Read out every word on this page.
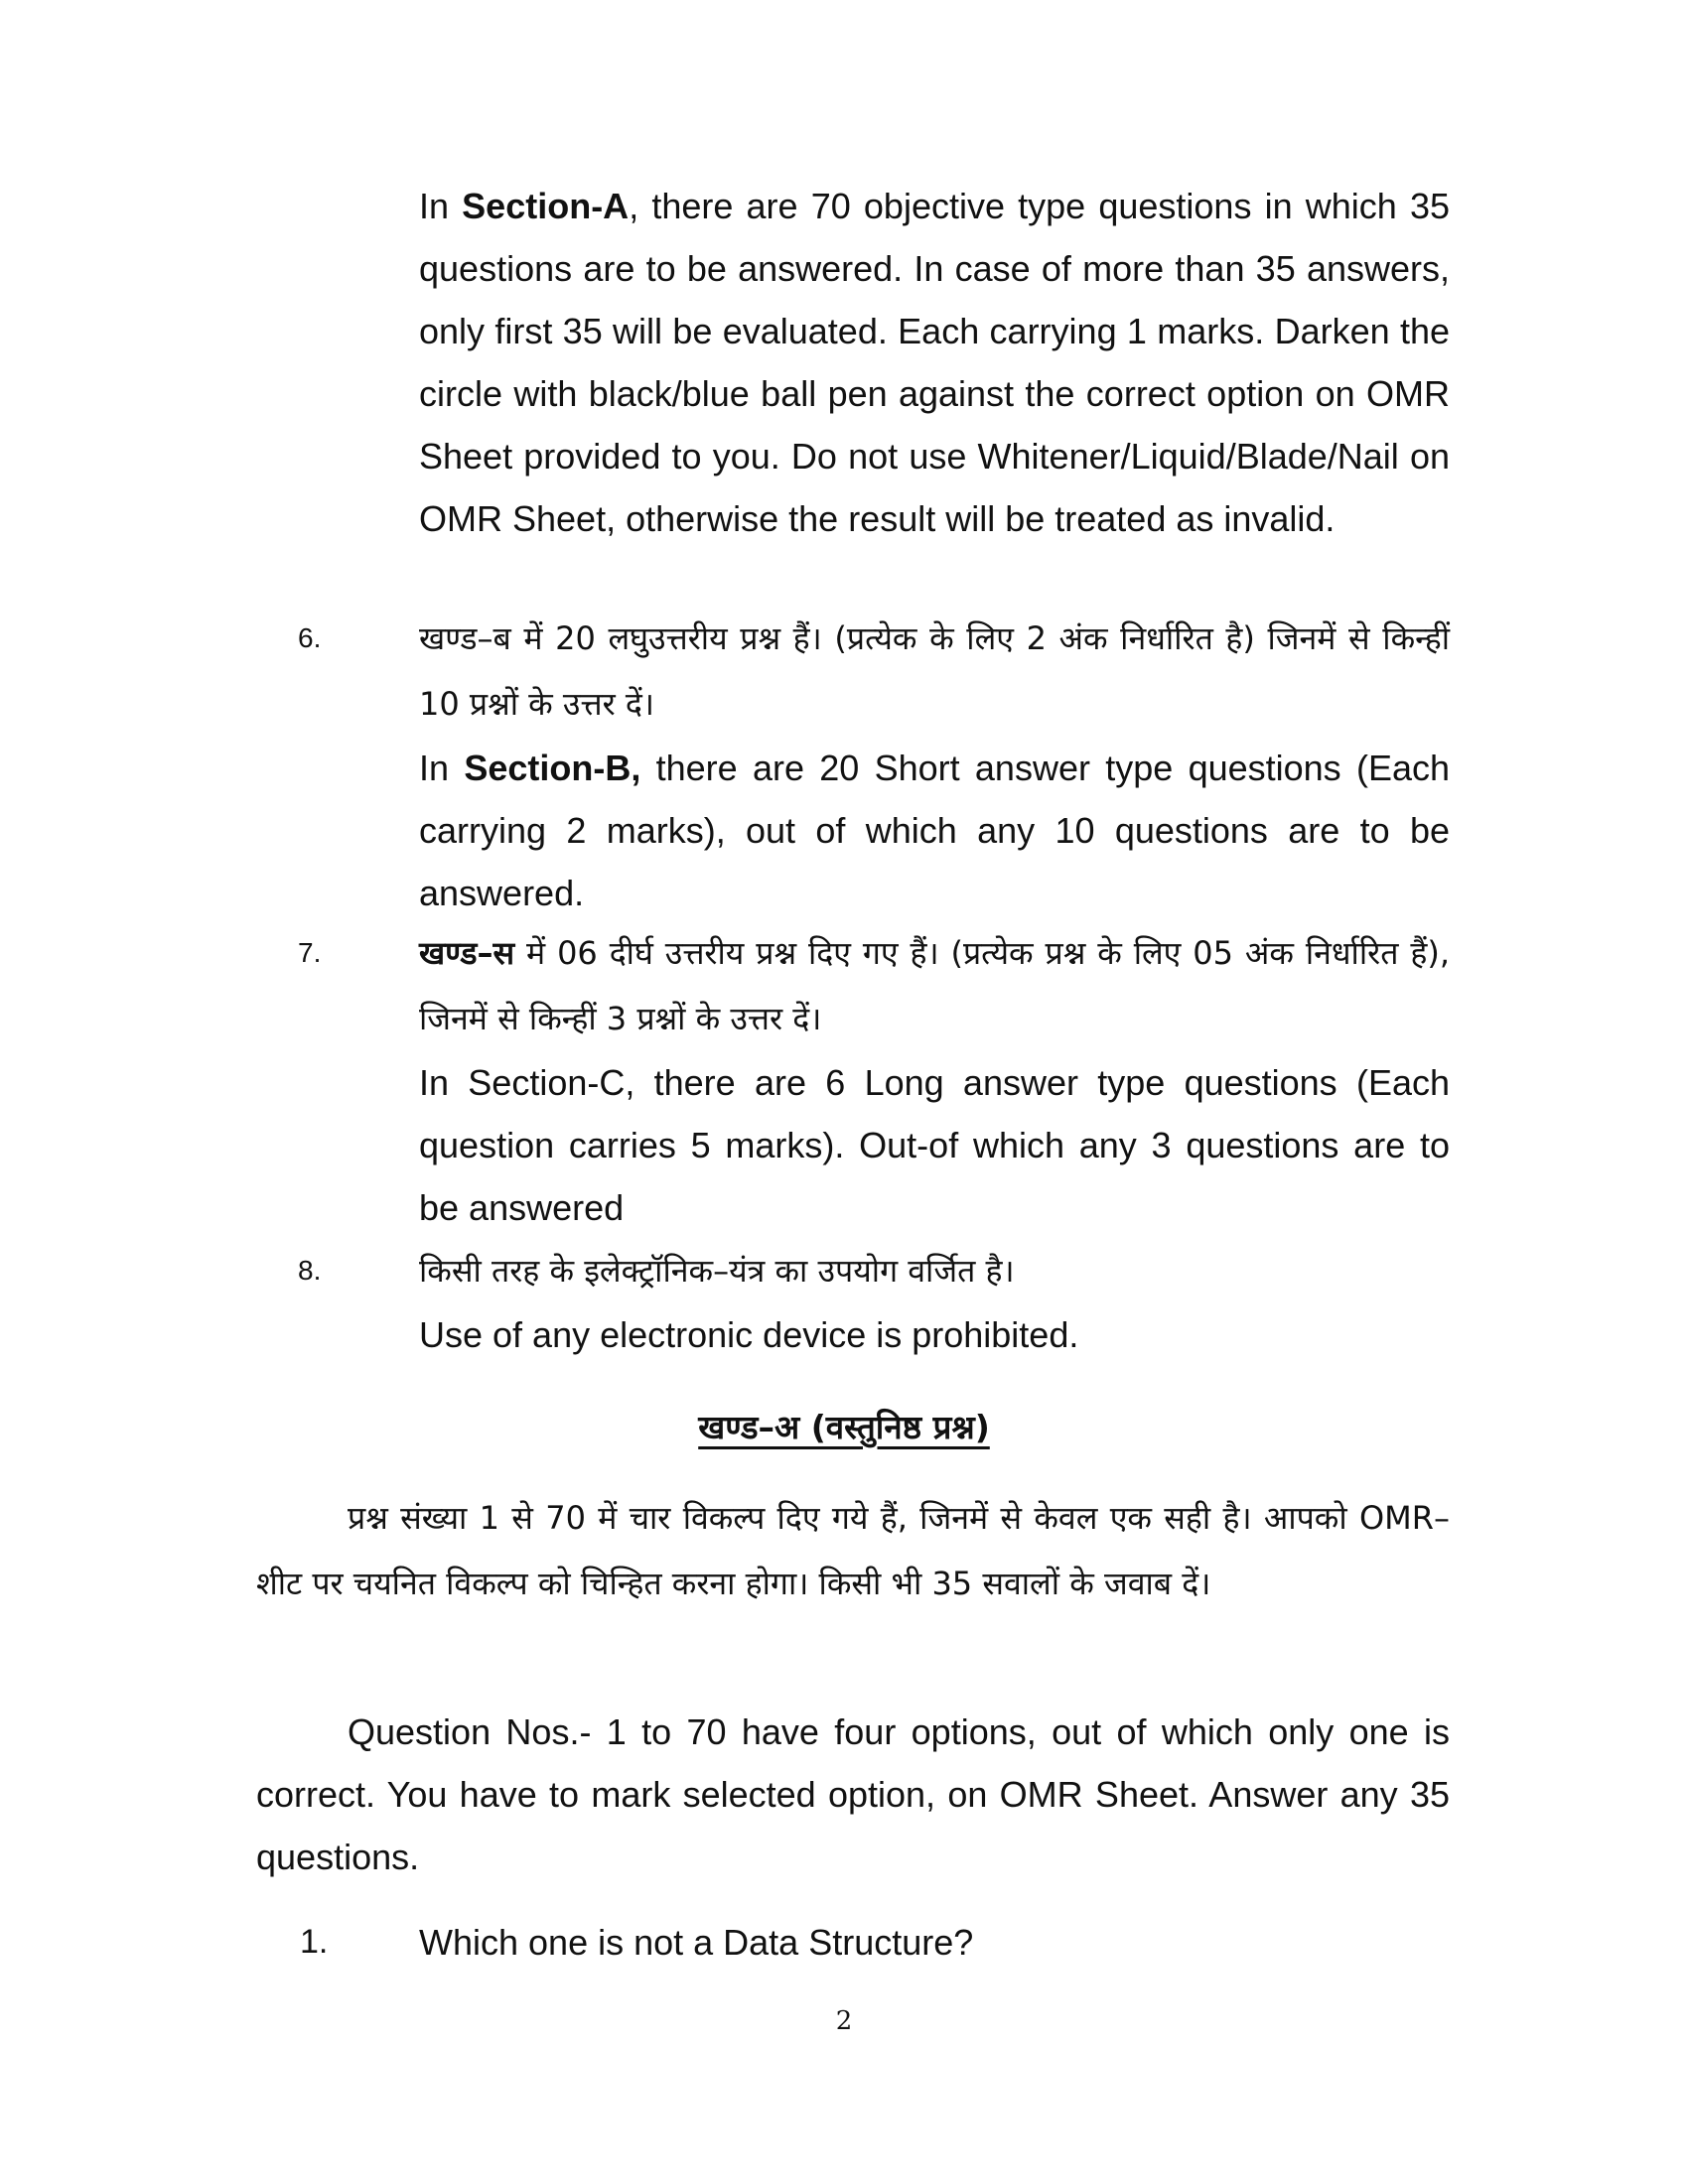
In Section-A, there are 70 objective type questions in which 35 questions are to be answered. In case of more than 35 answers, only first 35 will be evaluated. Each carrying 1 marks. Darken the circle with black/blue ball pen against the correct option on OMR Sheet provided to you. Do not use Whitener/Liquid/Blade/Nail on OMR Sheet, otherwise the result will be treated as invalid.

6.	खण्ड–ब में 20 लघुउत्तरीय प्रश्न हैं। (प्रत्येक के लिए 2 अंक निर्धारित है) जिनमें से किन्हीं 10 प्रश्नों के उत्तर दें।

In Section-B, there are 20 Short answer type questions (Each carrying 2 marks), out of which any 10 questions are to be answered.

7.	खण्ड–स में 06 दीर्घ उत्तरीय प्रश्न दिए गए हैं। (प्रत्येक प्रश्न के लिए 05 अंक निर्धारित हैं), जिनमें से किन्हीं 3 प्रश्नों के उत्तर दें।

In Section-C, there are 6 Long answer type questions (Each question carries 5 marks). Out-of which any 3 questions are to be answered

8.	किसी तरह के इलेक्ट्रॉनिक–यंत्र का उपयोग वर्जित है।

Use of any electronic device is prohibited.

खण्ड–अ (वस्तुनिष्ठ प्रश्न)

प्रश्न संख्या 1 से 70 में चार विकल्प दिए गये हैं, जिनमें से केवल एक सही है। आपको OMR–शीट पर चयनित विकल्प को चिन्हित करना होगा। किसी भी 35 सवालों के जवाब दें।

Question Nos.- 1 to 70 have four options, out of which only one is correct. You have to mark selected option, on OMR Sheet. Answer any 35 questions.

1.	Which one is not a Data Structure?

2
